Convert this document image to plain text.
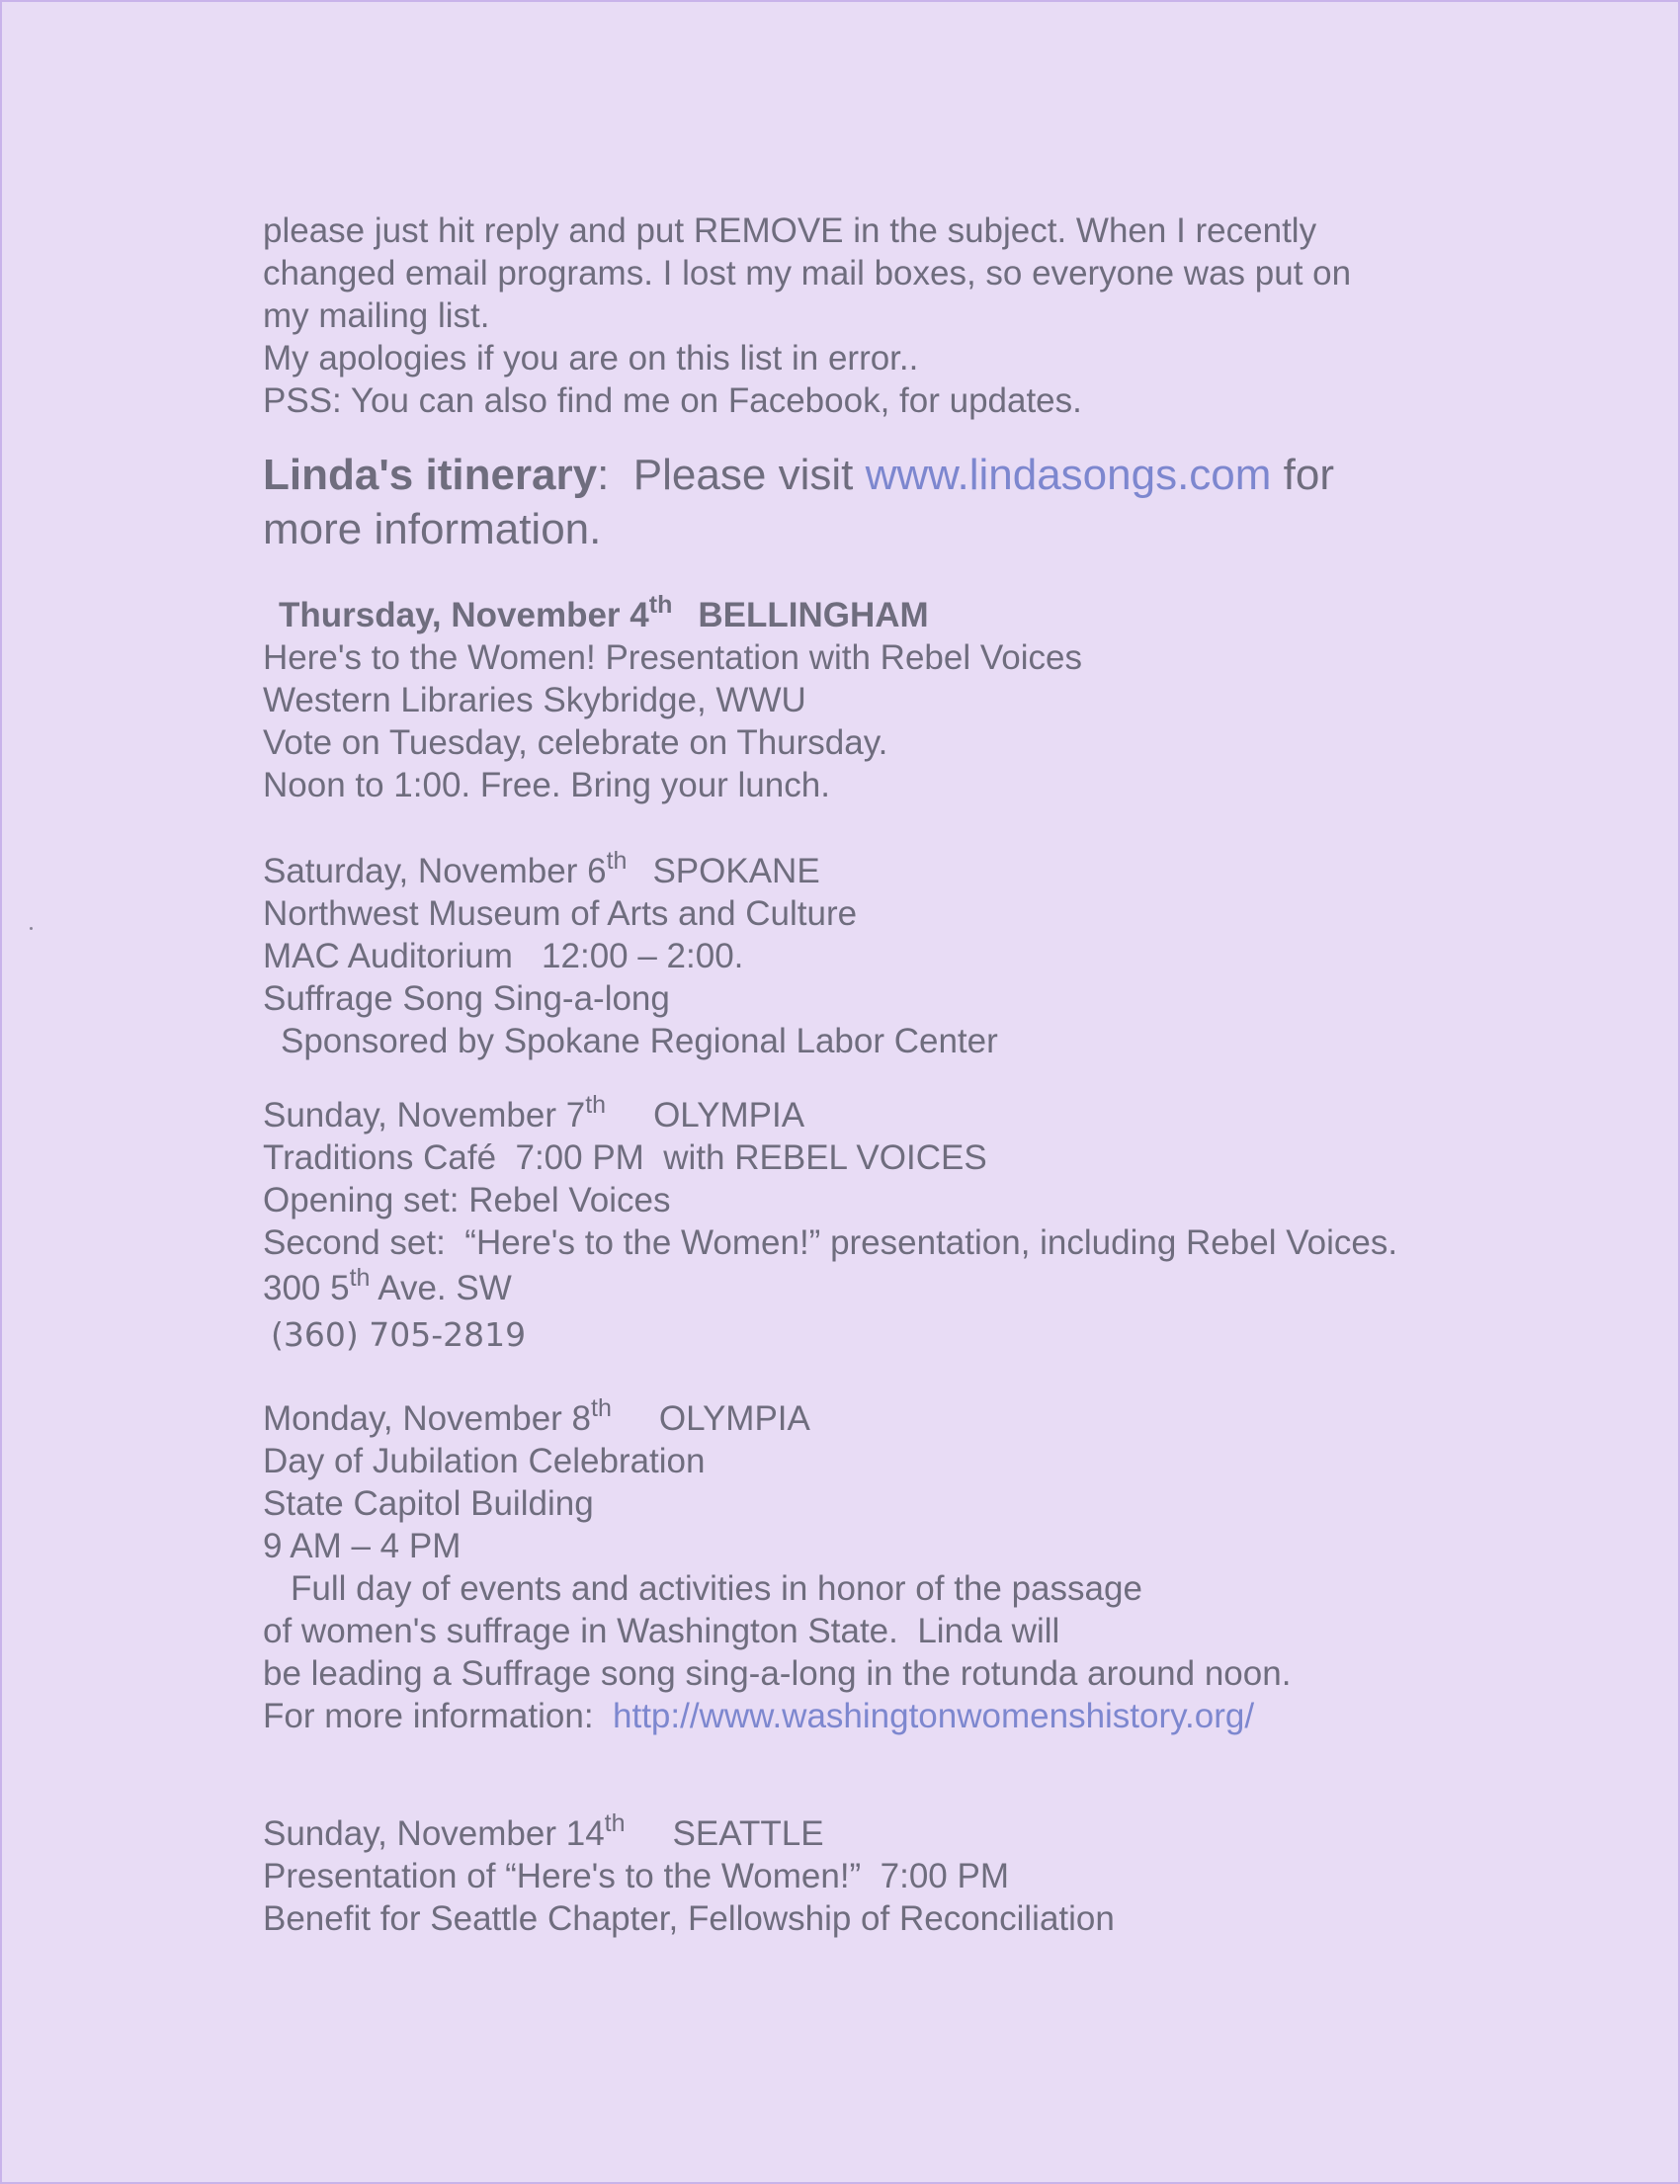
please just hit reply and put REMOVE in the subject. When I recently
changed email programs. I lost my mail boxes, so everyone was put on
my mailing list.
My apologies if you are on this list in error..
PSS: You can also find me on Facebook, for updates.
Linda's itinerary:  Please visit www.lindasongs.com for
more information.
Thursday, November 4th BELLINGHAM
Here's to the Women! Presentation with Rebel Voices
Western Libraries Skybridge, WWU
Vote on Tuesday, celebrate on Thursday.
Noon to 1:00. Free. Bring your lunch.
Saturday, November 6th SPOKANE
Northwest Museum of Arts and Culture
MAC Auditorium   12:00 – 2:00.
Suffrage Song Sing-a-long
Sponsored by Spokane Regional Labor Center
Sunday, November 7th OLYMPIA
Traditions Café  7:00 PM  with REBEL VOICES
Opening set: Rebel Voices
Second set:  “Here's to the Women!” presentation, including Rebel Voices.
300 5th Ave. SW
(360) 705-2819
Monday, November 8th OLYMPIA
Day of Jubilation Celebration
State Capitol Building
9 AM – 4 PM
Full day of events and activities in honor of the passage
of women's suffrage in Washington State.  Linda will
be leading a Suffrage song sing-a-long in the rotunda around noon.
For more information:  http://www.washingtonwomenshistory.org/
Sunday, November 14th SEATTLE
Presentation of “Here's to the Women!”  7:00 PM
Benefit for Seattle Chapter, Fellowship of Reconciliation
